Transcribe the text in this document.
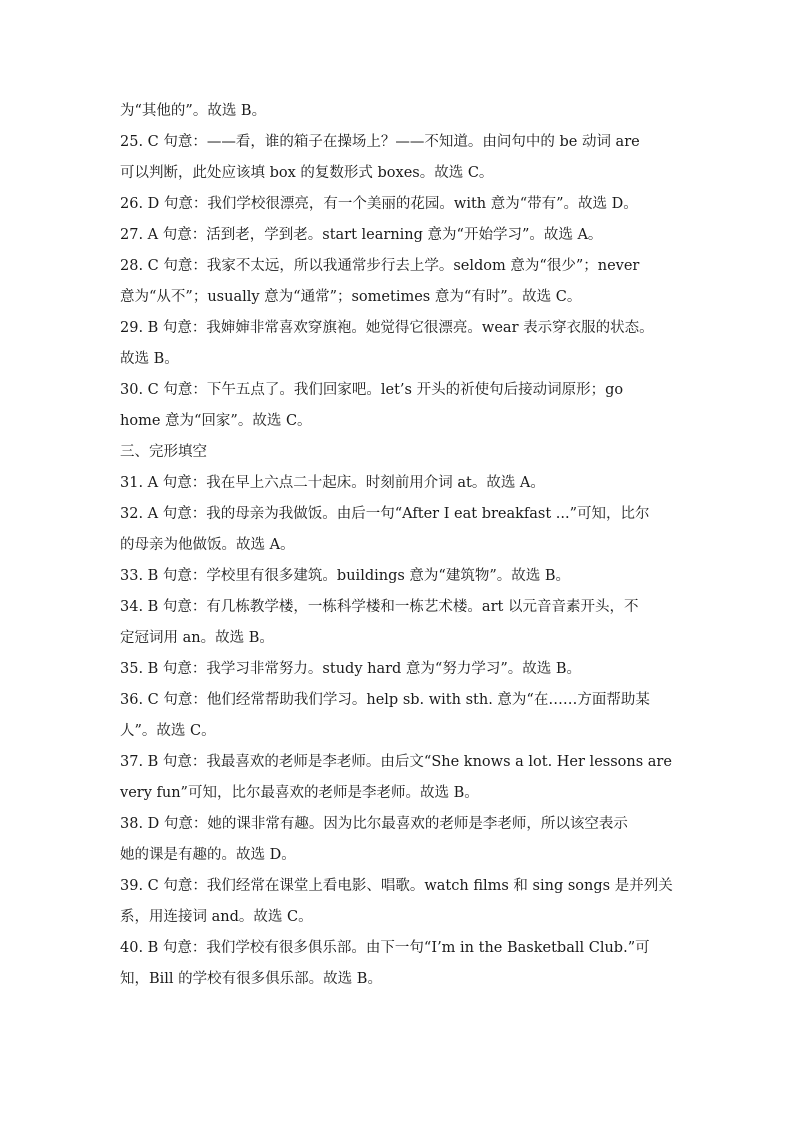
为“其他的”。故选 B。
25. C 句意：——看，谁的箱子在操场上？——不知道。由问句中的 be 动词 are
可以判断，此处应该填 box 的复数形式 boxes。故选 C。
26. D 句意：我们学校很漂亮，有一个美丽的花园。with 意为“带有”。故选 D。
27. A 句意：活到老，学到老。start learning 意为“开始学习”。故选 A。
28. C 句意：我家不太远，所以我通常步行去上学。seldom 意为“很少”；never
意为“从不”；usually 意为“通常”；sometimes 意为“有时”。故选 C。
29. B 句意：我婶婶非常喜欢穿旗袍。她觉得它很漂亮。wear 表示穿衣服的状态。
故选 B。
30. C 句意：下午五点了。我们回家吧。let’s 开头的祈使句后接动词原形；go
home 意为“回家”。故选 C。
三、完形填空
31. A 句意：我在早上六点二十起床。时刻前用介词 at。故选 A。
32. A 句意：我的母亲为我做饭。由后一句“After I eat breakfast ...”可知，比尔
的母亲为他做饭。故选 A。
33. B 句意：学校里有很多建筑。buildings 意为“建筑物”。故选 B。
34. B 句意：有几栋教学楼，一栋科学楼和一栋艺术楼。art 以元音音素开头，不
定冠词用 an。故选 B。
35. B 句意：我学习非常努力。study hard 意为“努力学习”。故选 B。
36. C 句意：他们经常帮助我们学习。help sb. with sth. 意为“在……方面帮助某
人”。故选 C。
37. B 句意：我最喜欢的老师是李老师。由后文“She knows a lot. Her lessons are
very fun”可知，比尔最喜欢的老师是李老师。故选 B。
38. D 句意：她的课非常有趣。因为比尔最喜欢的老师是李老师，所以该空表示
她的课是有趣的。故选 D。
39. C 句意：我们经常在课堂上看电影、唱歌。watch films 和 sing songs 是并列关
系，用连接词 and。故选 C。
40. B 句意：我们学校有很多俱乐部。由下一句“I’m in the Basketball Club.”可
知，Bill 的学校有很多俱乐部。故选 B。
